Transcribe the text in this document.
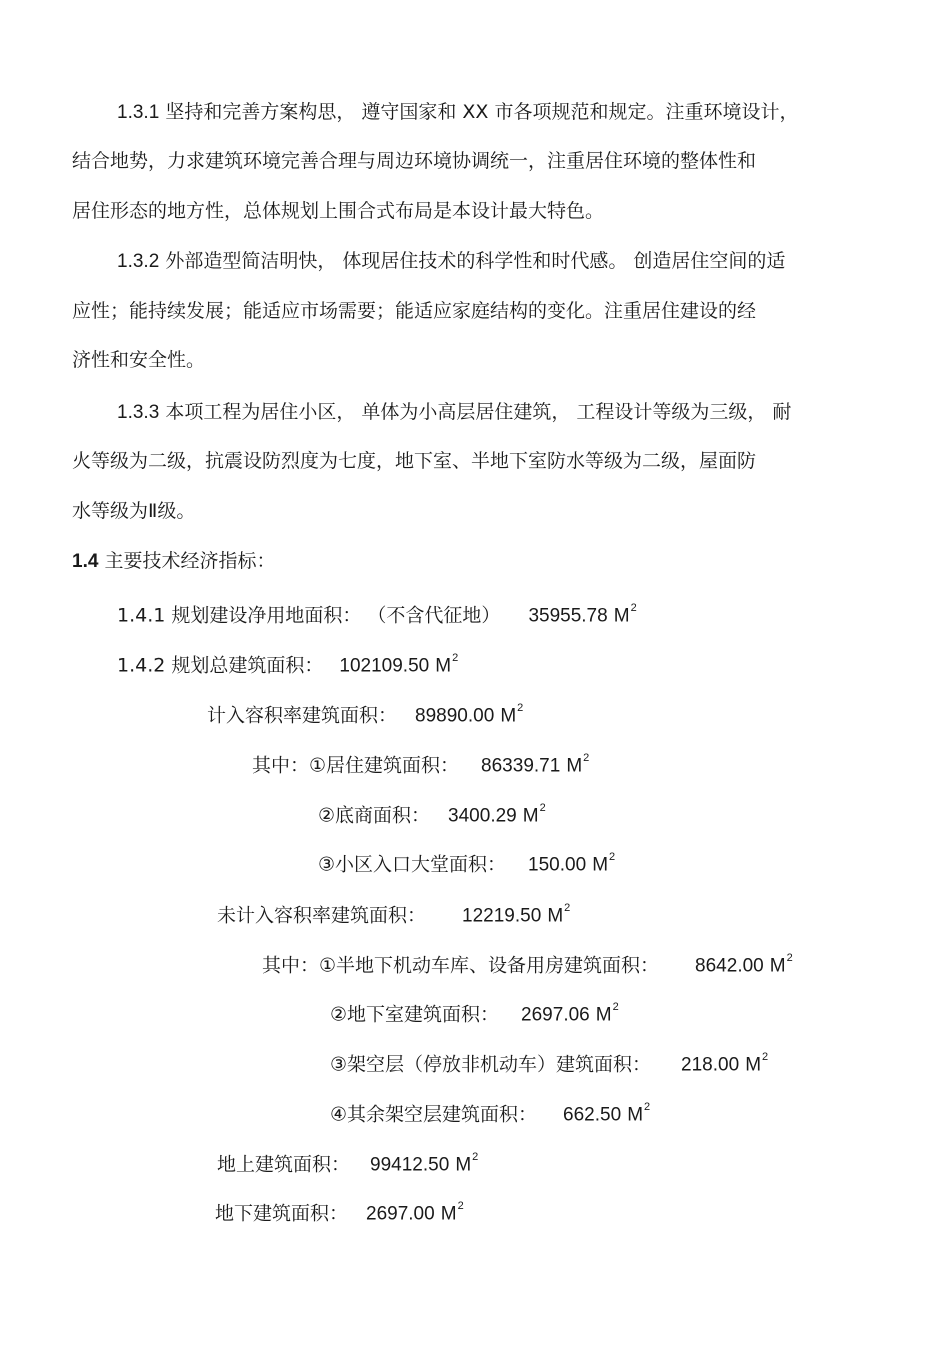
1.3.1 坚持和完善方案构思， 遵守国家和 XX 市各项规范和规定。注重环境设计，
结合地势，力求建筑环境完善合理与周边环境协调统一，注重居住环境的整体性和
居住形态的地方性，总体规划上围合式布局是本设计最大特色。
1.3.2 外部造型简洁明快， 体现居住技术的科学性和时代感。 创造居住空间的适
应性；能持续发展；能适应市场需要；能适应家庭结构的变化。注重居住建设的经
济性和安全性。
1.3.3 本项工程为居住小区， 单体为小高层居住建筑， 工程设计等级为三级， 耐
火等级为二级，抗震设防烈度为七度，地下室、半地下室防水等级为二级，屋面防
水等级为Ⅱ级。
1.4 主要技术经济指标：
1.4.1 规划建设净用地面积： （不含代征地） 35955.78 $M^2$
1.4.2 规划总建筑面积： 102109.50 $M^2$
计入容积率建筑面积： 89890.00 $M^2$
其中：①居住建筑面积： 86339.71 $M^2$
②底商面积： 3400.29 $M^2$
③小区入口大堂面积： 150.00 $M^2$
未计入容积率建筑面积： 12219.50 $M^2$
其中：①半地下机动车库、设备用房建筑面积： 8642.00 $M^2$
②地下室建筑面积： 2697.06 $M^2$
③架空层（停放非机动车）建筑面积： 218.00 $M^2$
④其余架空层建筑面积： 662.50 $M^2$
地上建筑面积： 99412.50 $M^2$
地下建筑面积： 2697.00 $M^2$
